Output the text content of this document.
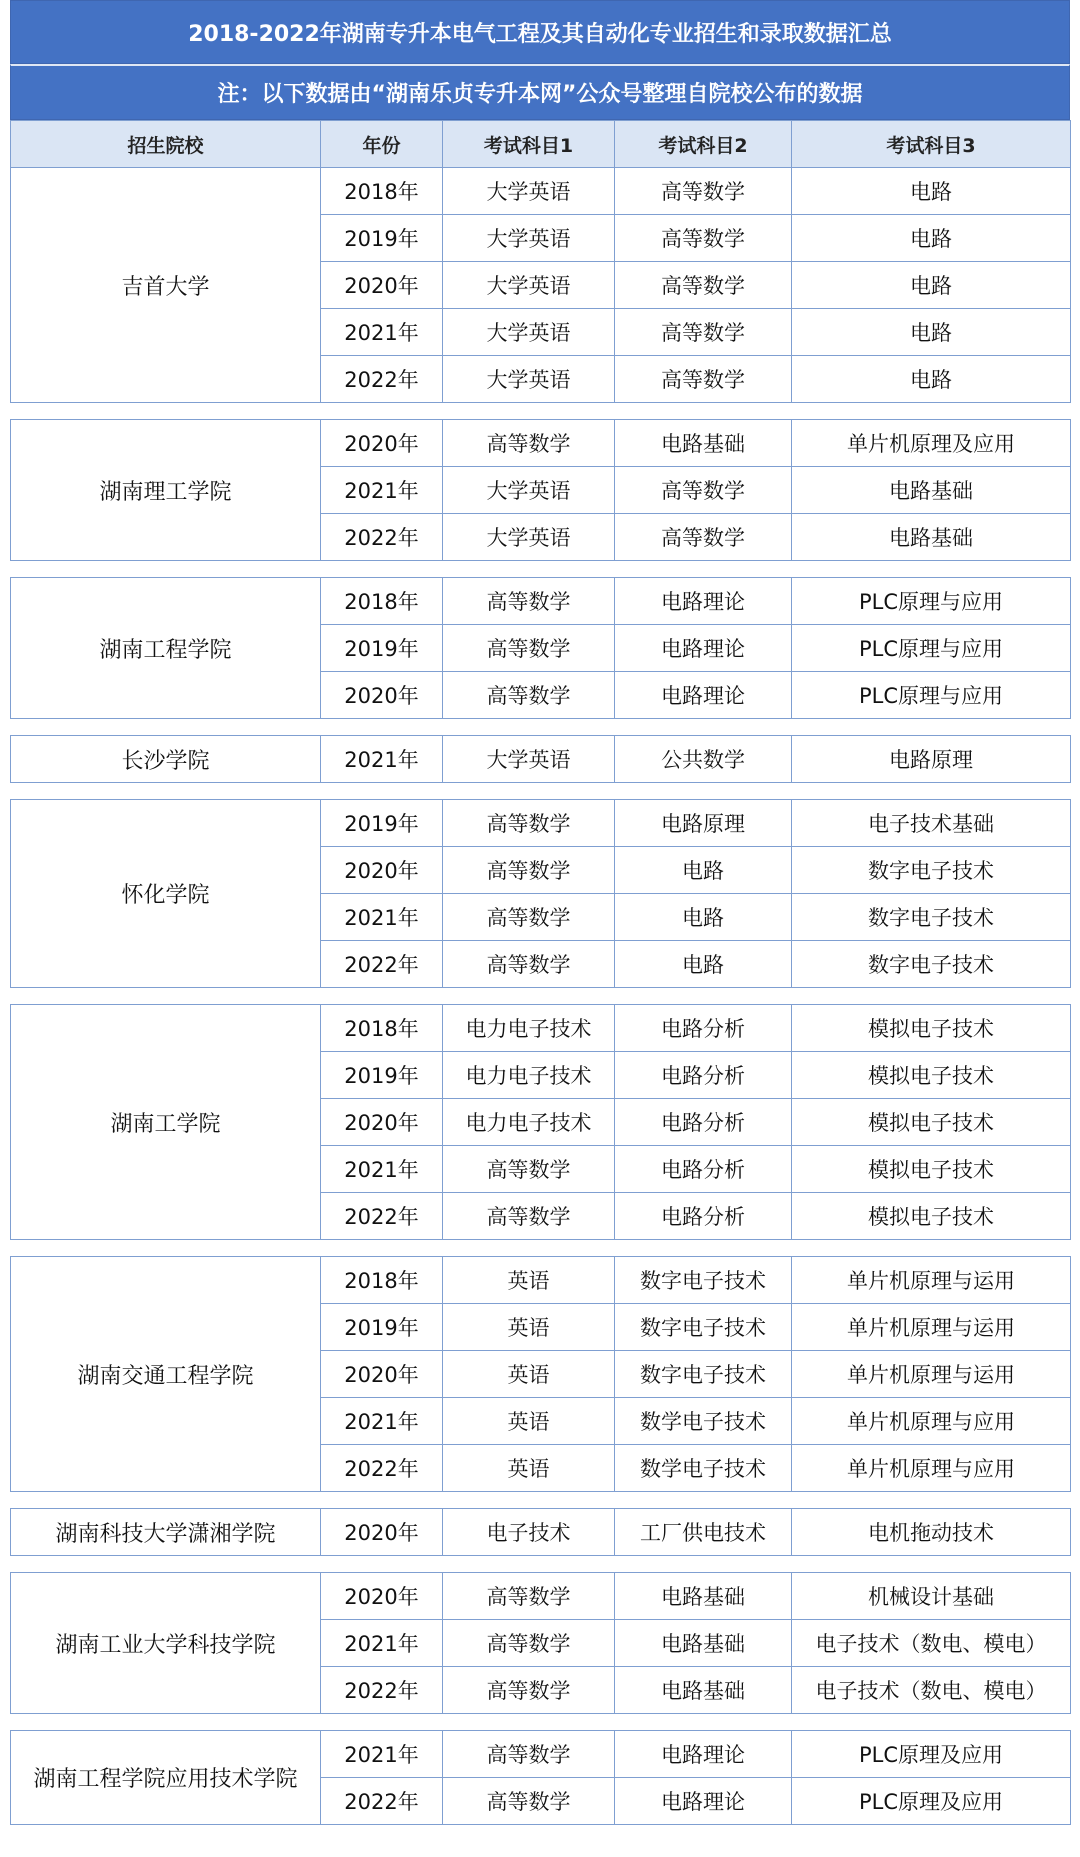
2018-2022年湖南专升本电气工程及其自动化专业招生和录取数据汇总
注：以下数据由“湖南乐贞专升本网”公众号整理自院校公布的数据
招生院校	年份	考试科目1	考试科目2	考试科目3
吉首大学	2018年	大学英语	高等数学	电路
	2019年	大学英语	高等数学	电路
	2020年	大学英语	高等数学	电路
	2021年	大学英语	高等数学	电路
	2022年	大学英语	高等数学	电路

湖南理工学院	2020年	高等数学	电路基础	单片机原理及应用
	2021年	大学英语	高等数学	电路基础
	2022年	大学英语	高等数学	电路基础

湖南工程学院	2018年	高等数学	电路理论	PLC原理与应用
	2019年	高等数学	电路理论	PLC原理与应用
	2020年	高等数学	电路理论	PLC原理与应用

长沙学院	2021年	大学英语	公共数学	电路原理

怀化学院	2019年	高等数学	电路原理	电子技术基础
	2020年	高等数学	电路	数字电子技术
	2021年	高等数学	电路	数字电子技术
	2022年	高等数学	电路	数字电子技术

湖南工学院	2018年	电力电子技术	电路分析	模拟电子技术
	2019年	电力电子技术	电路分析	模拟电子技术
	2020年	电力电子技术	电路分析	模拟电子技术
	2021年	高等数学	电路分析	模拟电子技术
	2022年	高等数学	电路分析	模拟电子技术

湖南交通工程学院	2018年	英语	数字电子技术	单片机原理与运用
	2019年	英语	数字电子技术	单片机原理与运用
	2020年	英语	数字电子技术	单片机原理与运用
	2021年	英语	数学电子技术	单片机原理与应用
	2022年	英语	数学电子技术	单片机原理与应用

湖南科技大学潇湘学院	2020年	电子技术	工厂供电技术	电机拖动技术

湖南工业大学科技学院	2020年	高等数学	电路基础	机械设计基础
	2021年	高等数学	电路基础	电子技术（数电、模电）
	2022年	高等数学	电路基础	电子技术（数电、模电）

湖南工程学院应用技术学院	2021年	高等数学	电路理论	PLC原理及应用
	2022年	高等数学	电路理论	PLC原理及应用
